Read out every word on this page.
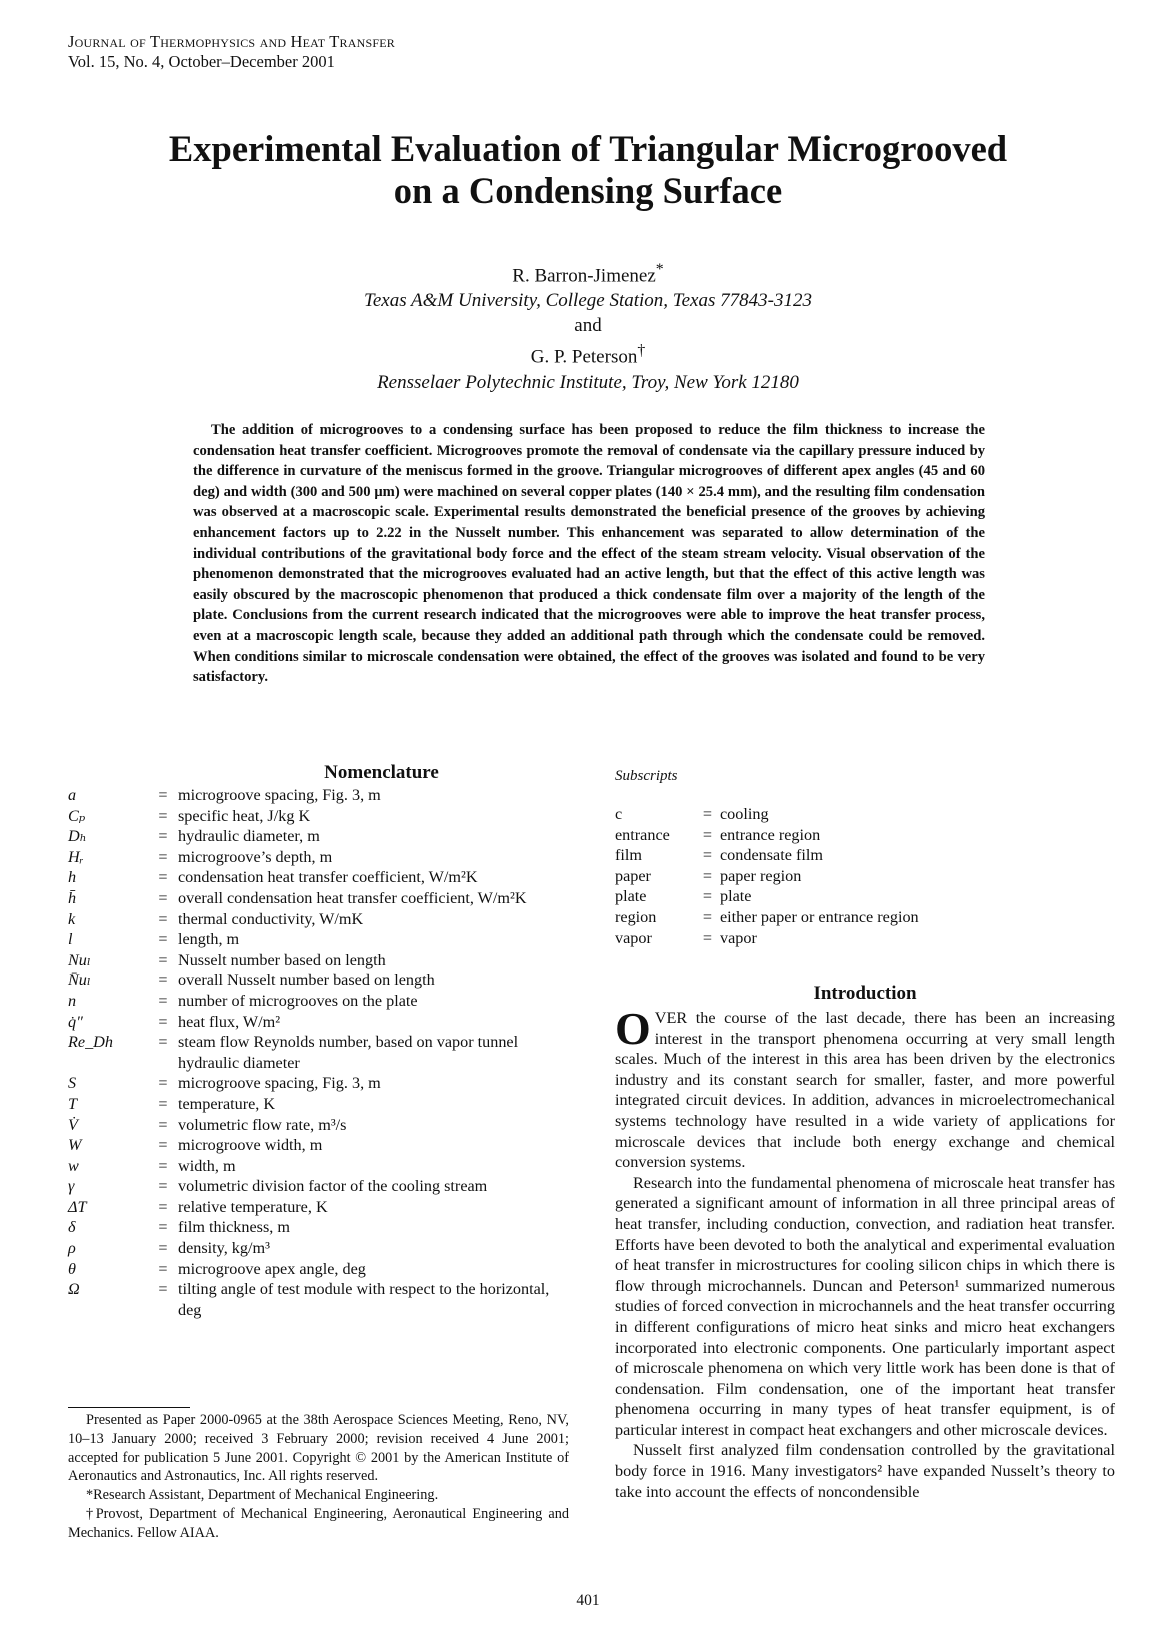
Journal of Thermophysics and Heat Transfer
Vol. 15, No. 4, October–December 2001
Experimental Evaluation of Triangular Microgrooved
on a Condensing Surface
R. Barron-Jimenez*
Texas A&M University, College Station, Texas 77843-3123
and
G. P. Peterson†
Rensselaer Polytechnic Institute, Troy, New York 12180
The addition of microgrooves to a condensing surface has been proposed to reduce the film thickness to increase the condensation heat transfer coefficient. Microgrooves promote the removal of condensate via the capillary pressure induced by the difference in curvature of the meniscus formed in the groove. Triangular microgrooves of different apex angles (45 and 60 deg) and width (300 and 500 μm) were machined on several copper plates (140 × 25.4 mm), and the resulting film condensation was observed at a macroscopic scale. Experimental results demonstrated the beneficial presence of the grooves by achieving enhancement factors up to 2.22 in the Nusselt number. This enhancement was separated to allow determination of the individual contributions of the gravitational body force and the effect of the steam stream velocity. Visual observation of the phenomenon demonstrated that the microgrooves evaluated had an active length, but that the effect of this active length was easily obscured by the macroscopic phenomenon that produced a thick condensate film over a majority of the length of the plate. Conclusions from the current research indicated that the microgrooves were able to improve the heat transfer process, even at a macroscopic length scale, because they added an additional path through which the condensate could be removed. When conditions similar to microscale condensation were obtained, the effect of the grooves was isolated and found to be very satisfactory.
Nomenclature
a	=	microgroove spacing, Fig. 3, m
Cₚ	=	specific heat, J/kg K
Dₕ	=	hydraulic diameter, m
Hᵣ	=	microgroove’s depth, m
h	=	condensation heat transfer coefficient, W/m²K
h̄	=	overall condensation heat transfer coefficient, W/m²K
k	=	thermal conductivity, W/mK
l	=	length, m
Nuₗ	=	Nusselt number based on length
N̄uₗ	=	overall Nusselt number based on length
n	=	number of microgrooves on the plate
q̇″	=	heat flux, W/m²
Re_Dh	=	steam flow Reynolds number, based on vapor tunnel hydraulic diameter
S	=	microgroove spacing, Fig. 3, m
T	=	temperature, K
V̇	=	volumetric flow rate, m³/s
W	=	microgroove width, m
w	=	width, m
γ	=	volumetric division factor of the cooling stream
ΔT	=	relative temperature, K
δ	=	film thickness, m
ρ	=	density, kg/m³
θ	=	microgroove apex angle, deg
Ω	=	tilting angle of test module with respect to the horizontal, deg
Subscripts
c	=	cooling
entrance	=	entrance region
film	=	condensate film
paper	=	paper region
plate	=	plate
region	=	either paper or entrance region
vapor	=	vapor
Introduction

OVER the course of the last decade, there has been an increasing interest in the transport phenomena occurring at very small length scales. Much of the interest in this area has been driven by the electronics industry and its constant search for smaller, faster, and more powerful integrated circuit devices. In addition, advances in microelectromechanical systems technology have resulted in a wide variety of applications for microscale devices that include both energy exchange and chemical conversion systems.

Research into the fundamental phenomena of microscale heat transfer has generated a significant amount of information in all three principal areas of heat transfer, including conduction, convection, and radiation heat transfer. Efforts have been devoted to both the analytical and experimental evaluation of heat transfer in microstructures for cooling silicon chips in which there is flow through microchannels. Duncan and Peterson¹ summarized numerous studies of forced convection in microchannels and the heat transfer occurring in different configurations of micro heat sinks and micro heat exchangers incorporated into electronic components. One particularly important aspect of microscale phenomena on which very little work has been done is that of condensation. Film condensation, one of the important heat transfer phenomena occurring in many types of heat transfer equipment, is of particular interest in compact heat exchangers and other microscale devices.

Nusselt first analyzed film condensation controlled by the gravitational body force in 1916. Many investigators² have expanded Nusselt’s theory to take into account the effects of noncondensible

Presented as Paper 2000-0965 at the 38th Aerospace Sciences Meeting, Reno, NV, 10–13 January 2000; received 3 February 2000; revision received 4 June 2001; accepted for publication 5 June 2001. Copyright © 2001 by the American Institute of Aeronautics and Astronautics, Inc. All rights reserved.

*Research Assistant, Department of Mechanical Engineering.

†Provost, Department of Mechanical Engineering, Aeronautical Engineering and Mechanics. Fellow AIAA.

401
